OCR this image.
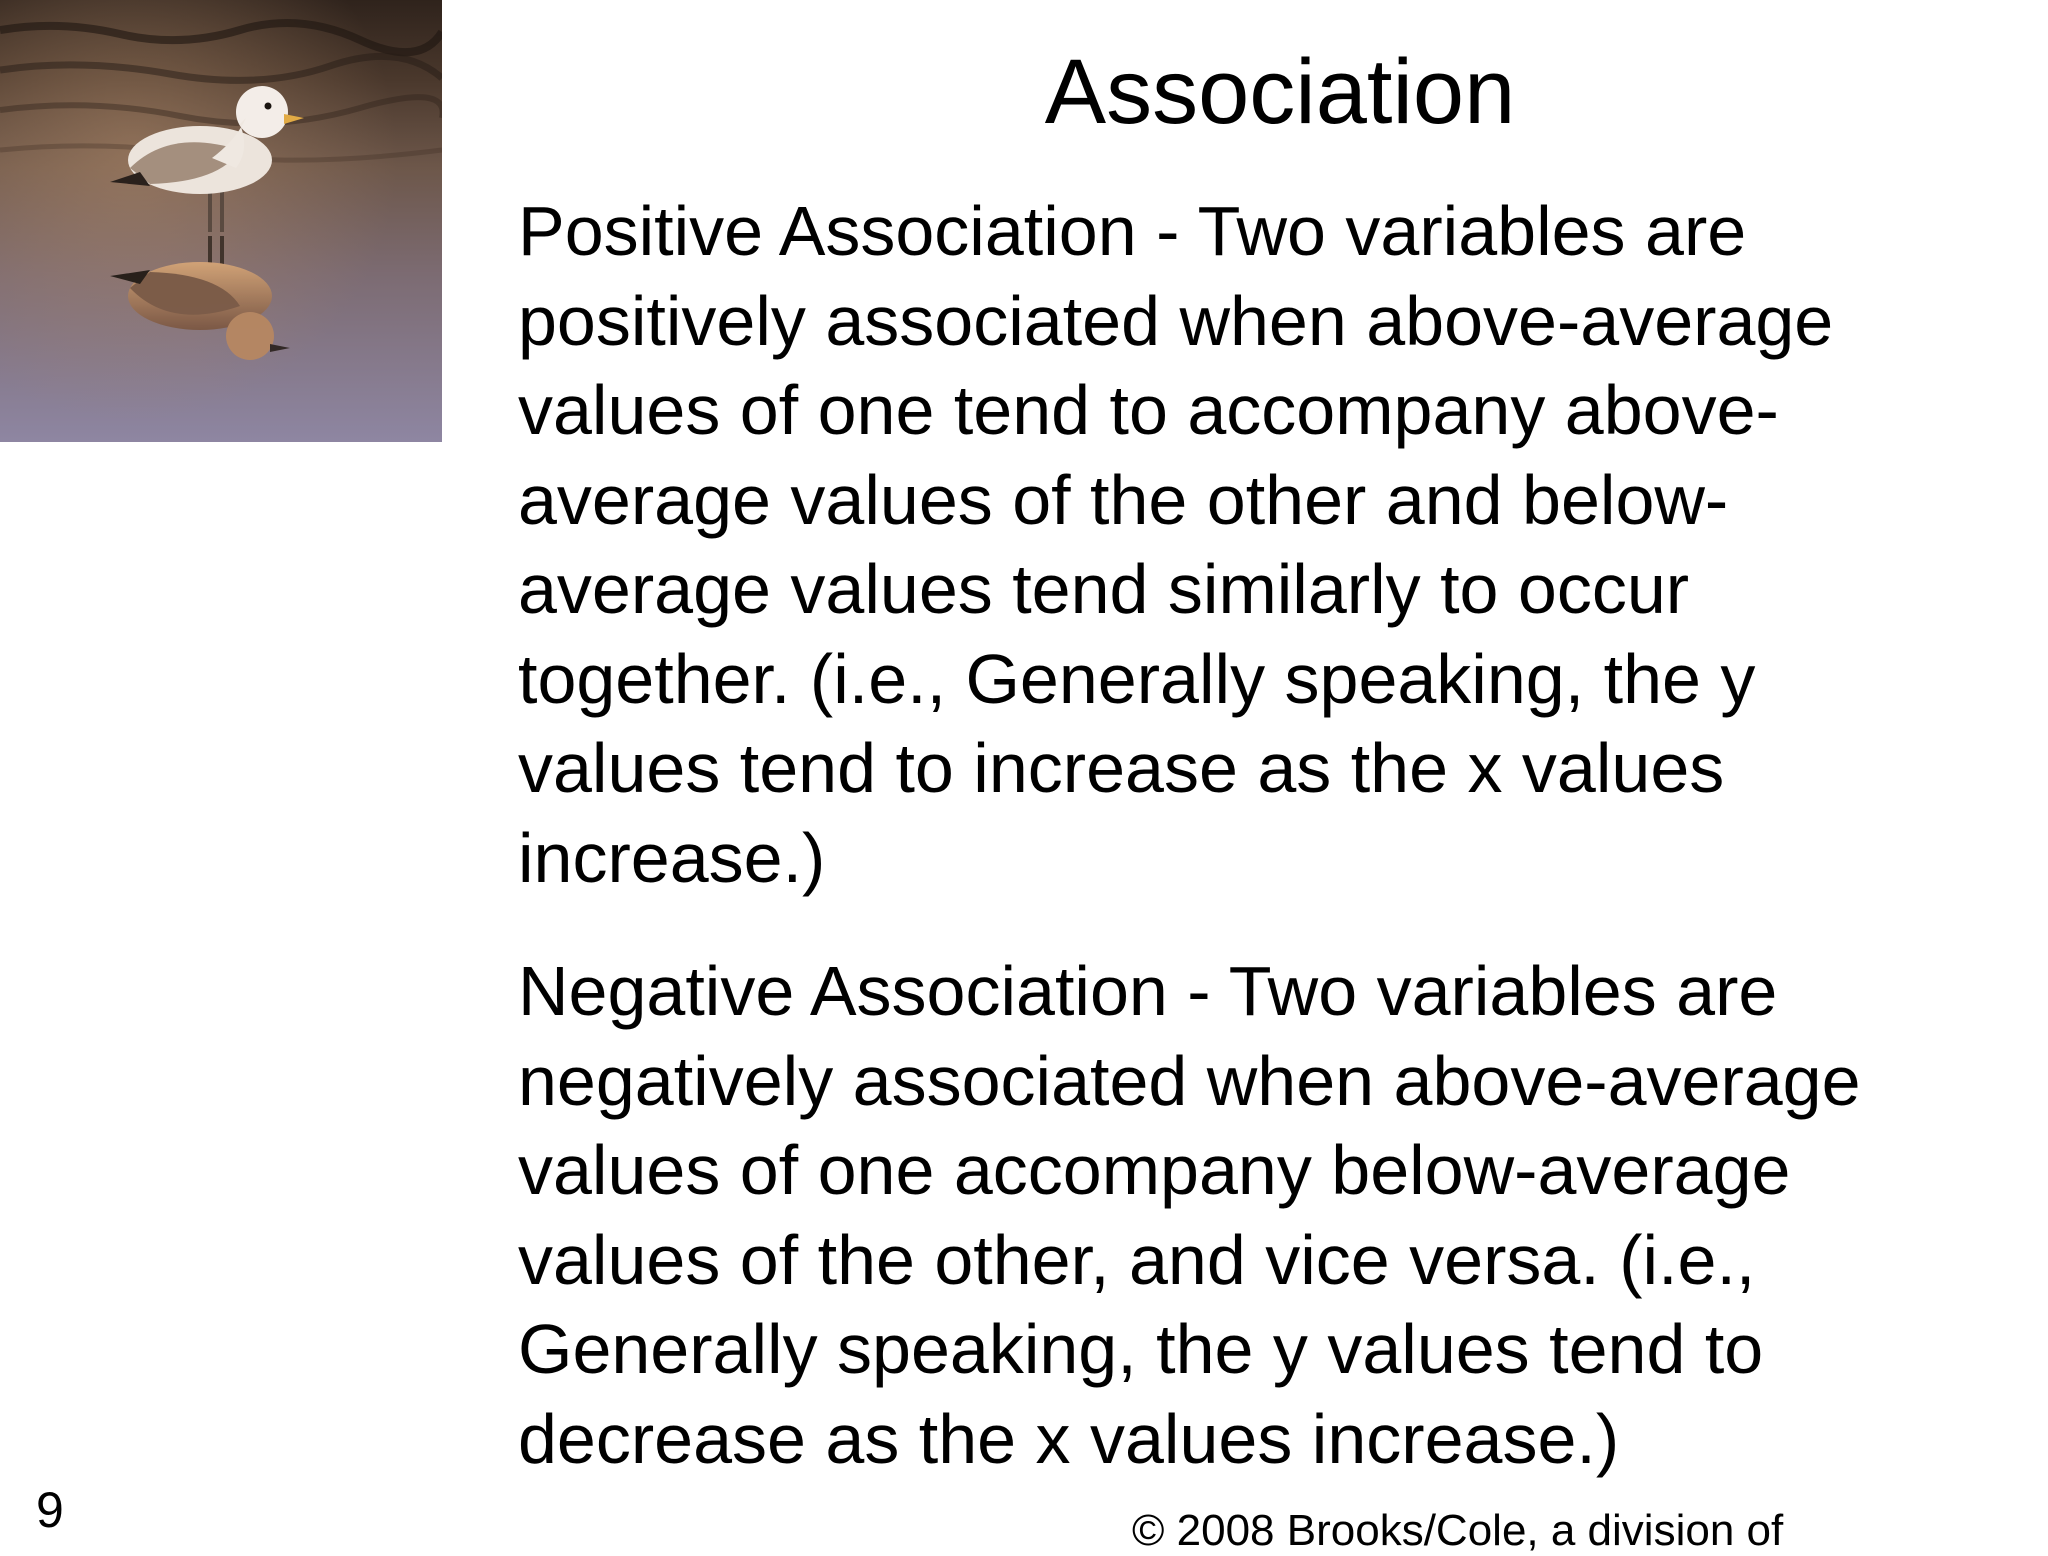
Association
Positive Association - Two variables are
positively associated when above-average
values of one tend to accompany above-
average values of the other and below-
average values tend similarly to occur
together. (i.e., Generally speaking, the y
values tend to increase as the x values
increase.)
Negative Association - Two variables are
negatively associated when above-average
values of one accompany below-average
values of the other, and vice versa. (i.e.,
Generally speaking, the y values tend to
decrease as the x values increase.)
9	© 2008 Brooks/Cole, a division of
